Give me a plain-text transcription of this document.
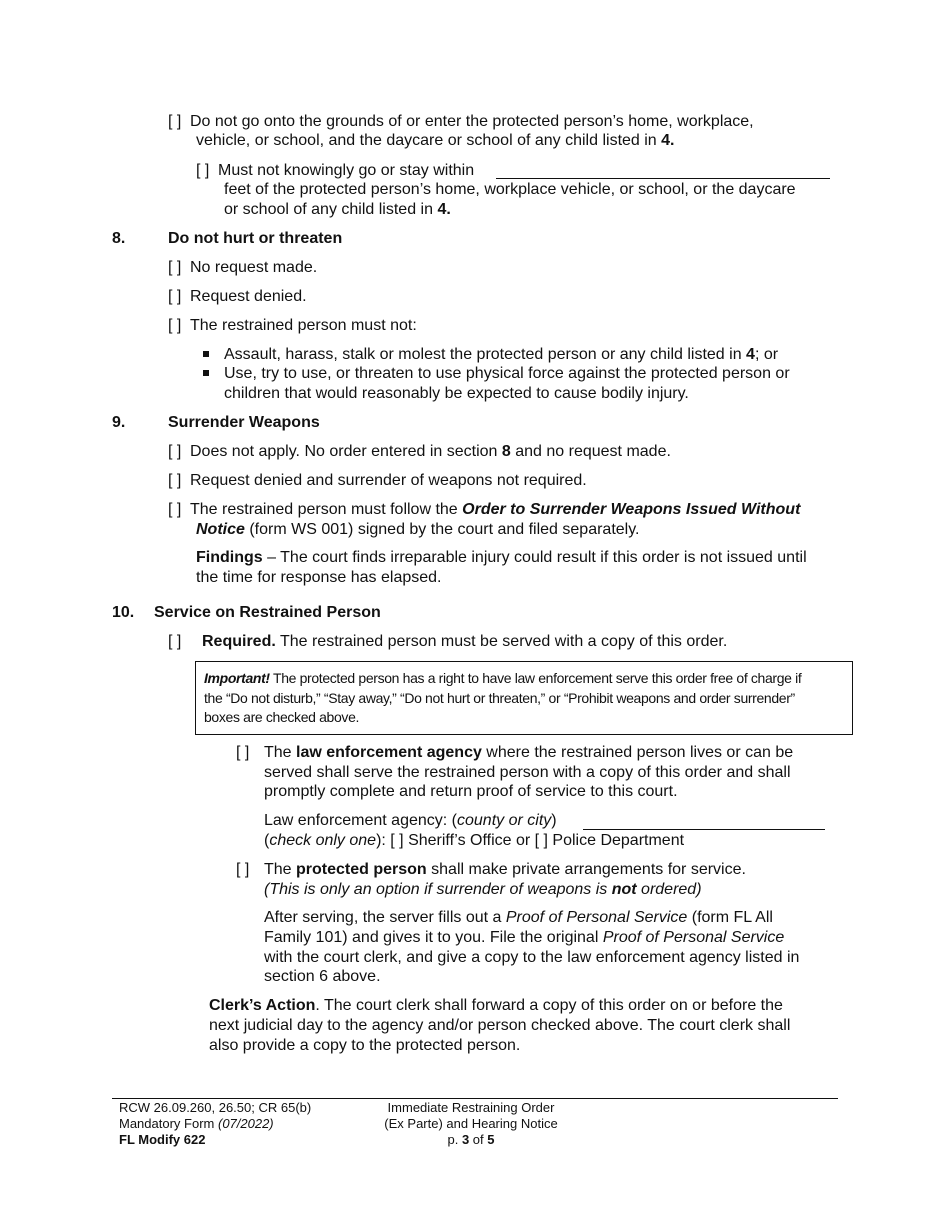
[ ] Do not go onto the grounds of or enter the protected person’s home, workplace,
vehicle, or school, and the daycare or school of any child listed in 4.
[ ] Must not knowingly go or stay within
feet of the protected person’s home, workplace vehicle, or school, or the daycare
or school of any child listed in 4.
8.	Do not hurt or threaten
[ ] No request made.
[ ] Request denied.
[ ] The restrained person must not:
Assault, harass, stalk or molest the protected person or any child listed in 4; or
Use, try to use, or threaten to use physical force against the protected person or
children that would reasonably be expected to cause bodily injury.
9.	Surrender Weapons
[ ] Does not apply. No order entered in section 8 and no request made.
[ ] Request denied and surrender of weapons not required.
[ ] The restrained person must follow the Order to Surrender Weapons Issued Without
Notice (form WS 001) signed by the court and filed separately.
Findings – The court finds irreparable injury could result if this order is not issued until
the time for response has elapsed.
10. Service on Restrained Person
[ ] Required. The restrained person must be served with a copy of this order.
Important! The protected person has a right to have law enforcement serve this order free of charge if
the “Do not disturb,” “Stay away,” “Do not hurt or threaten,” or “Prohibit weapons and order surrender”
boxes are checked above.
[ ] The law enforcement agency where the restrained person lives or can be
served shall serve the restrained person with a copy of this order and shall
promptly complete and return proof of service to this court.
Law enforcement agency: (county or city)
(check only one): [ ] Sheriff’s Office or [ ] Police Department
[ ] The protected person shall make private arrangements for service.
(This is only an option if surrender of weapons is not ordered)
After serving, the server fills out a Proof of Personal Service (form FL All
Family 101) and gives it to you. File the original Proof of Personal Service
with the court clerk, and give a copy to the law enforcement agency listed in
section 6 above.
Clerk’s Action. The court clerk shall forward a copy of this order on or before the
next judicial day to the agency and/or person checked above. The court clerk shall
also provide a copy to the protected person.
RCW 26.09.260, 26.50; CR 65(b)
Mandatory Form (07/2022)
FL Modify 622
Immediate Restraining Order
(Ex Parte) and Hearing Notice
p. 3 of 5
